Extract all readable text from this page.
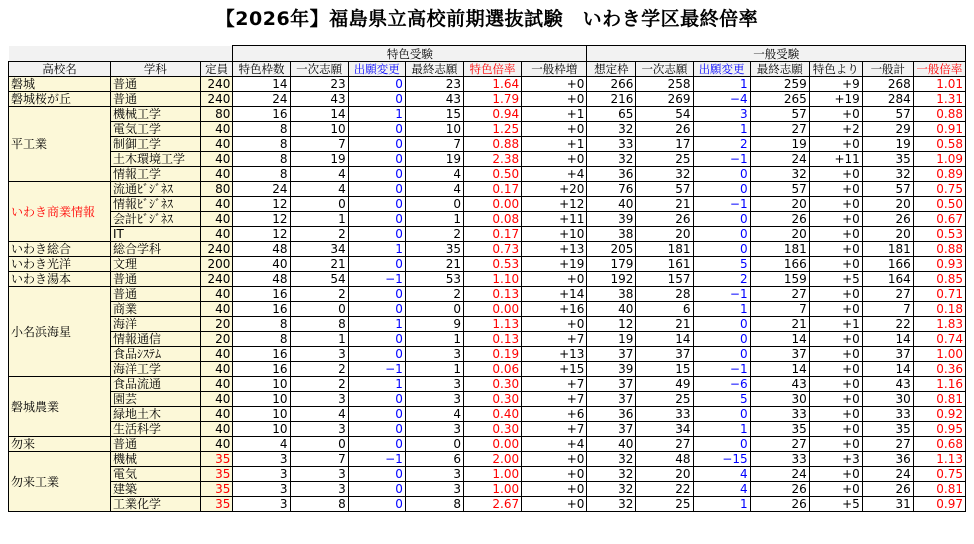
【2026年】福島県立高校前期選抜試験　いわき学区最終倍率
			特色受験						一般受験						
高校名	学科	定員	特色枠数	一次志願	出願変更	最終志願	特色倍率	一般枠増	想定枠	一次志願	出願変更	最終志願	特色より	一般計	一般倍率
磐城	普通	240	14	23	0	23	1.64	+0	266	258	1	259	+9	268	1.01
磐城桜が丘	普通	240	24	43	0	43	1.79	+0	216	269	−4	265	+19	284	1.31
平工業	機械工学	80	16	14	1	15	0.94	+1	65	54	3	57	+0	57	0.88
	電気工学	40	8	10	0	10	1.25	+0	32	26	1	27	+2	29	0.91
	制御工学	40	8	7	0	7	0.88	+1	33	17	2	19	+0	19	0.58
	土木環境工学	40	8	19	0	19	2.38	+0	32	25	−1	24	+11	35	1.09
	情報工学	40	8	4	0	4	0.50	+4	36	32	0	32	+0	32	0.89
いわき商業情報	流通ﾋﾞｼﾞﾈｽ	80	24	4	0	4	0.17	+20	76	57	0	57	+0	57	0.75
	情報ﾋﾞｼﾞﾈｽ	40	12	0	0	0	0.00	+12	40	21	−1	20	+0	20	0.50
	会計ﾋﾞｼﾞﾈｽ	40	12	1	0	1	0.08	+11	39	26	0	26	+0	26	0.67
	IT	40	12	2	0	2	0.17	+10	38	20	0	20	+0	20	0.53
いわき総合	総合学科	240	48	34	1	35	0.73	+13	205	181	0	181	+0	181	0.88
いわき光洋	文理	200	40	21	0	21	0.53	+19	179	161	5	166	+0	166	0.93
いわき湯本	普通	240	48	54	−1	53	1.10	+0	192	157	2	159	+5	164	0.85
小名浜海星	普通	40	16	2	0	2	0.13	+14	38	28	−1	27	+0	27	0.71
	商業	40	16	0	0	0	0.00	+16	40	6	1	7	+0	7	0.18
	海洋	20	8	8	1	9	1.13	+0	12	21	0	21	+1	22	1.83
	情報通信	20	8	1	0	1	0.13	+7	19	14	0	14	+0	14	0.74
	食品ｼｽﾃﾑ	40	16	3	0	3	0.19	+13	37	37	0	37	+0	37	1.00
	海洋工学	40	16	2	−1	1	0.06	+15	39	15	−1	14	+0	14	0.36
磐城農業	食品流通	40	10	2	1	3	0.30	+7	37	49	−6	43	+0	43	1.16
	園芸	40	10	3	0	3	0.30	+7	37	25	5	30	+0	30	0.81
	緑地土木	40	10	4	0	4	0.40	+6	36	33	0	33	+0	33	0.92
	生活科学	40	10	3	0	3	0.30	+7	37	34	1	35	+0	35	0.95
勿来	普通	40	4	0	0	0	0.00	+4	40	27	0	27	+0	27	0.68
勿来工業	機械	35	3	7	−1	6	2.00	+0	32	48	−15	33	+3	36	1.13
	電気	35	3	3	0	3	1.00	+0	32	20	4	24	+0	24	0.75
	建築	35	3	3	0	3	1.00	+0	32	22	4	26	+0	26	0.81
	工業化学	35	3	8	0	8	2.67	+0	32	25	1	26	+5	31	0.97
